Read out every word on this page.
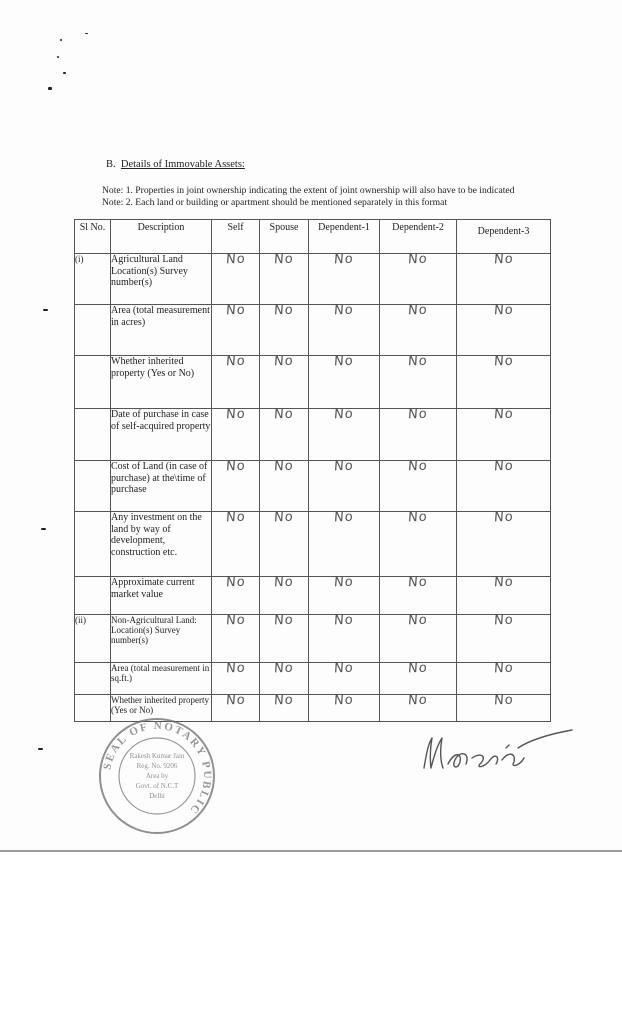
B. Details of Immovable Assets:
Note: 1. Properties in joint ownership indicating the extent of joint ownership will also have to be indicated
Note: 2. Each land or building or apartment should be mentioned separately in this format
Sl No.	Description	Self	Spouse	Dependent-1	Dependent-2	Dependent-3
(i)	Agricultural Land Location(s) Survey number(s)	No	No	No	No	No
	Area (total measurement in acres)	No	No	No	No	No
	Whether inherited property (Yes or No)	No	No	No	No	No
	Date of purchase in case of self-acquired property	No	No	No	No	No
	Cost of Land (in case of purchase) at the\time of purchase	No	No	No	No	No
	Any investment on the land by way of development, construction etc.	No	No	No	No	No
	Approximate current market value	No	No	No	No	No
(ii)	Non-Agricultural Land: Location(s) Survey number(s)	No	No	No	No	No
	Area (total measurement in sq.ft.)	No	No	No	No	No
	Whether inherited property (Yes or No)	No	No	No	No	No
SEAL OF NOTARY PUBLIC
Rakesh Kumar Jain
Reg. No. 9206
Area by
Govt. of N.C.T
Delhi
